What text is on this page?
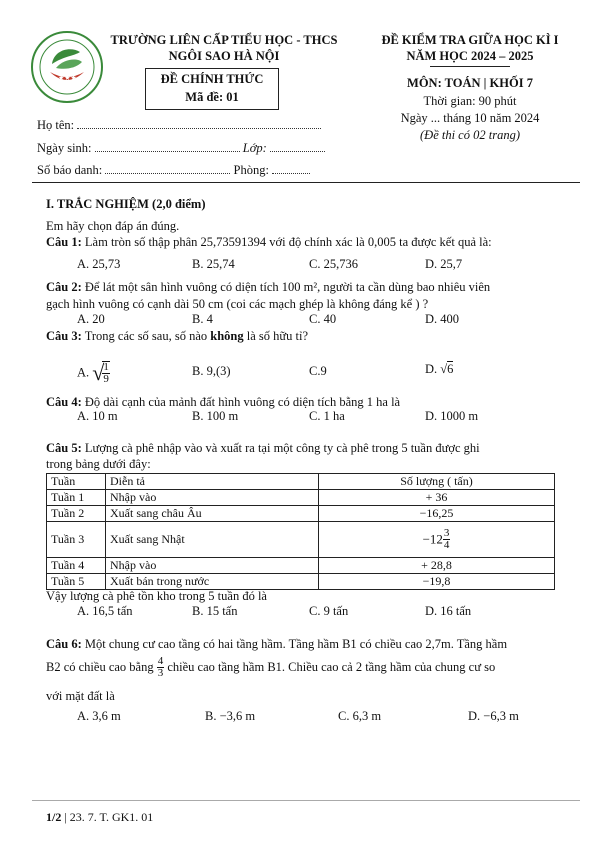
★★★
TRƯỜNG LIÊN CẤP TIỂU HỌC - THCS
NGÔI SAO HÀ NỘI
ĐỀ CHÍNH THỨC
Mã đề: 01
ĐỀ KIỂM TRA GIỮA HỌC KÌ I
NĂM HỌC 2024 – 2025
MÔN: TOÁN | KHỐI 7
Thời gian: 90 phút
Ngày ... tháng 10 năm 2024
(Đề thi có 02 trang)
Họ tên:
Ngày sinh:	Lớp:
Số báo danh:	Phòng:
I. TRẮC NGHIỆM (2,0 điểm)
Em hãy chọn đáp án đúng.
Câu 1: Làm tròn số thập phân 25,73591394 với độ chính xác là 0,005 ta được kết quả là:
A. 25,73	B. 25,74	C. 25,736	D. 25,7
Câu 2: Để lát một sân hình vuông có diện tích 100 m², người ta cần dùng bao nhiêu viên
gạch hình vuông có cạnh dài 50 cm (coi các mạch ghép là không đáng kể ) ?
A. 20	B. 4	C. 40	D. 400
Câu 3: Trong các số sau, số nào không là số hữu tỉ?
A. √
$\frac{1}{9}$	B. 9,(3)	C.9	D. √6
Câu 4: Độ dài cạnh của mảnh đất hình vuông có diện tích bằng 1 ha là
A. 10 m	B. 100 m	C. 1 ha	D. 1000 m
Câu 5: Lượng cà phê nhập vào và xuất ra tại một công ty cà phê trong 5 tuần được ghi
trong bảng dưới đây:
Tuần	Diễn tả	Số lượng ( tấn)
Tuần 1	Nhập vào	+ 36
Tuần 2	Xuất sang châu Âu	−16,25
Tuần 3	Xuất sang Nhật	$-12 \frac{3}{4}$

Tuần 4	Nhập vào	+ 28,8
Tuần 5	Xuất bán trong nước	−19,8
Vậy lượng cà phê tồn kho trong 5 tuần đó là
A. 16,5 tấn	B. 15 tấn	C. 9 tấn	D. 16 tấn
Câu 6: Một chung cư cao tầng có hai tầng hầm. Tầng hầm B1 có chiều cao 2,7m. Tầng hầm
B2 có chiều cao bằng $\frac{4}{3}$ chiều cao tầng hầm B1. Chiều cao cả 2 tầng hầm của chung cư so
với mặt đất là
A. 3,6 m	B. −3,6 m	C. 6,3 m	D. −6,3 m
1/2 | 23. 7. T. GK1. 01
